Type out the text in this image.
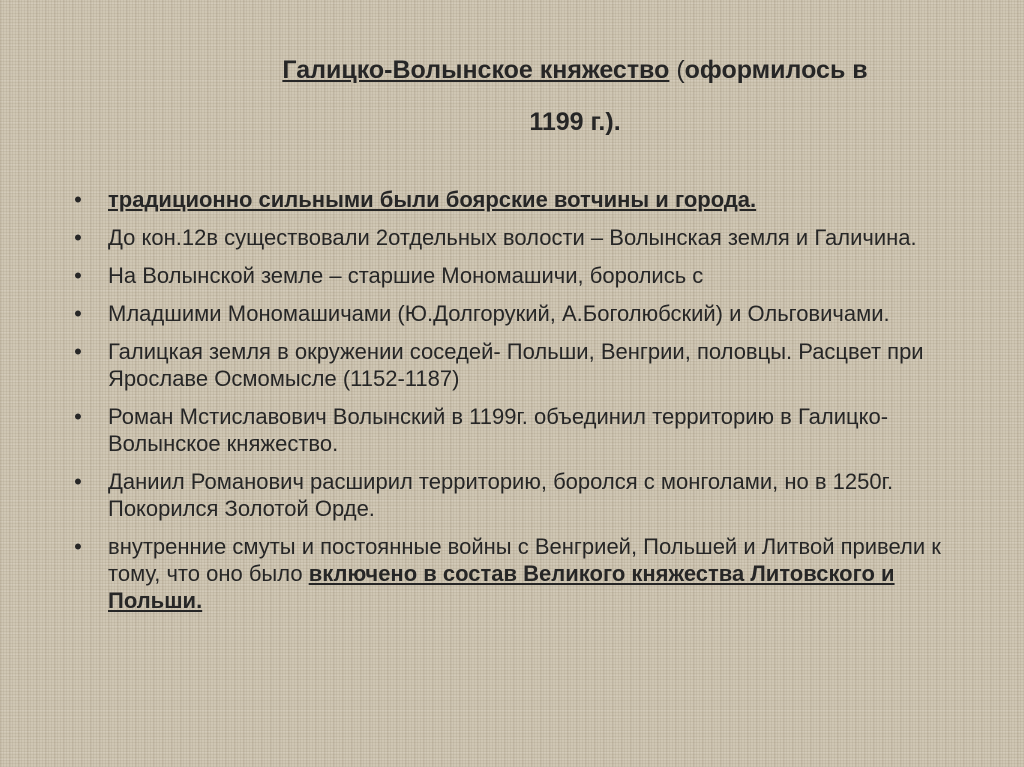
Галицко-Волынское княжество (оформилось в
1199 г.).
• традиционно сильными были боярские вотчины и города.
• До кон.12в существовали 2отдельных волости – Волынская земля и Галичина.
• На Волынской земле – старшие Мономашичи, боролись с
• Младшими Мономашичами (Ю.Долгорукий, А.Боголюбский) и Ольговичами.
• Галицкая земля в окружении соседей- Польши, Венгрии, половцы. Расцвет при Ярославе Осмомысле (1152-1187)
• Роман Мстиславович Волынский в 1199г. объединил территорию в Галицко-Волынское княжество.
• Даниил Романович расширил территорию, боролся с монголами, но в 1250г. Покорился Золотой Орде.
• внутренние смуты и постоянные войны с Венгрией, Польшей и Литвой привели к тому, что оно было включено в состав Великого княжества Литовского и Польши.
